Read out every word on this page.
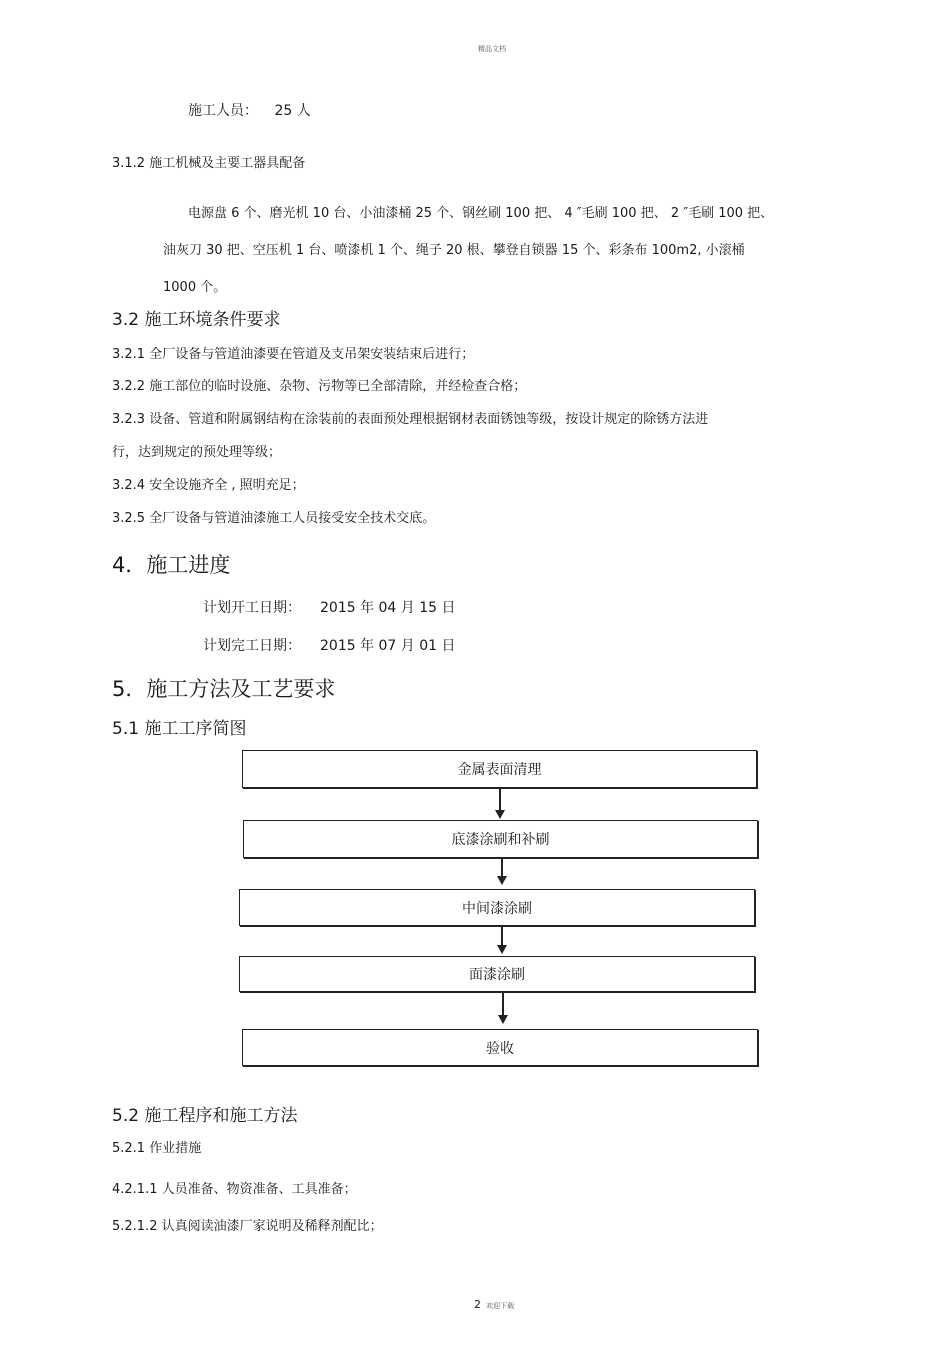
精品文档
施工人员： 25 人
3.1.2 施工机械及主要工器具配备
电源盘 6 个、磨光机 10 台、小油漆桶 25 个、钢丝刷 100 把、 4 ″毛刷 100 把、 2 ″毛刷 100 把、
油灰刀 30 把、空压机 1 台、喷漆机 1 个、绳子 20 根、攀登自锁器 15 个、彩条布 100m2, 小滚桶
1000 个。
3.2 施工环境条件要求
3.2.1 全厂设备与管道油漆要在管道及支吊架安装结束后进行；
3.2.2 施工部位的临时设施、杂物、污物等已全部清除，并经检查合格；
3.2.3 设备、管道和附属钢结构在涂装前的表面预处理根据钢材表面锈蚀等级，按设计规定的除锈方法进
行，达到规定的预处理等级；
3.2.4 安全设施齐全 , 照明充足；
3.2.5 全厂设备与管道油漆施工人员接受安全技术交底。
4．施工进度
计划开工日期： 2015 年 04 月 15 日
计划完工日期： 2015 年 07 月 01 日
5．施工方法及工艺要求
5.1 施工工序简图
金属表面清理
底漆涂刷和补刷
中间漆涂刷
面漆涂刷
验收
5.2 施工程序和施工方法
5.2.1 作业措施
4.2.1.1 人员准备、物资准备、工具准备；
5.2.1.2 认真阅读油漆厂家说明及稀释剂配比；
2 欢迎下载
